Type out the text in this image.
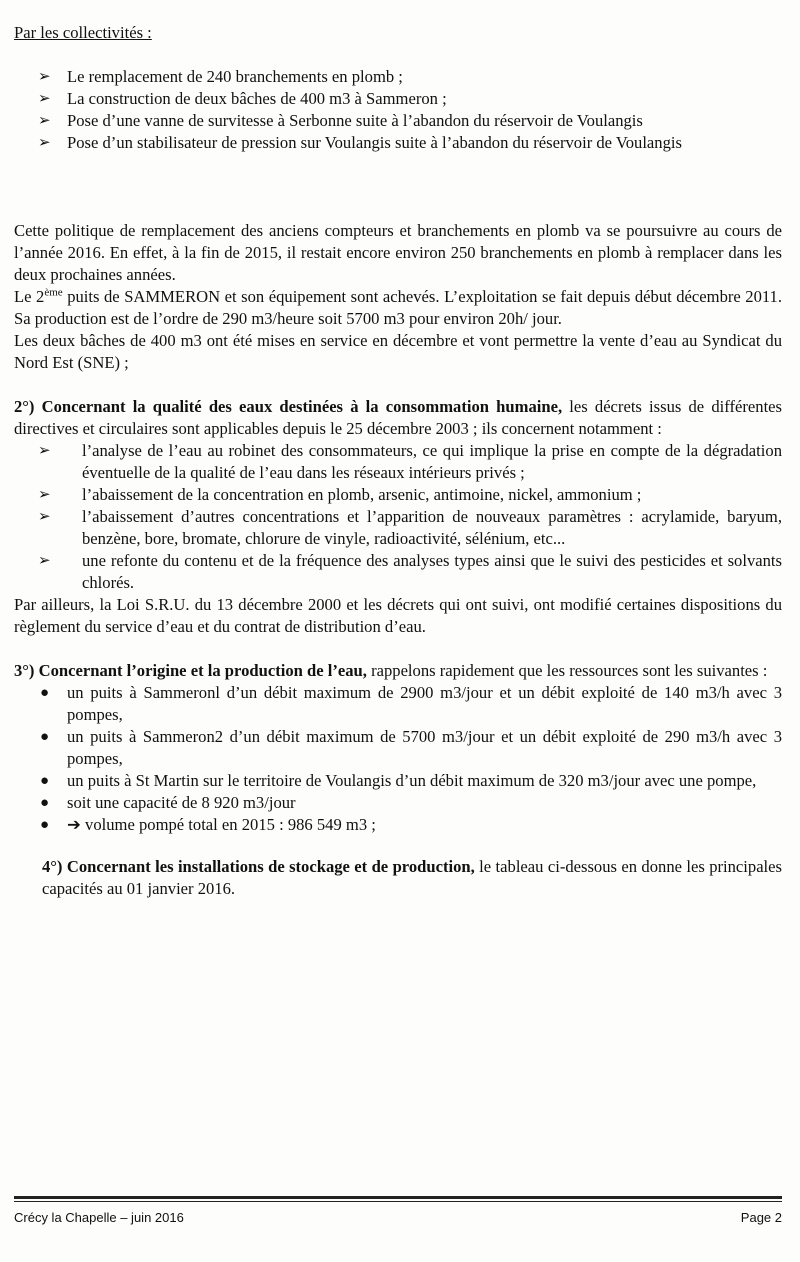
Par les collectivités :

➢ Le remplacement de 240 branchements en plomb ;
➢ La construction de deux bâches de 400 m3 à Sammeron ;
➢ Pose d’une vanne de survitesse à Serbonne suite à l’abandon du réservoir de Voulangis
➢ Pose d’un stabilisateur de pression sur Voulangis suite à l’abandon du réservoir de Voulangis

Cette politique de remplacement des anciens compteurs et branchements en plomb va se poursuivre au cours de l’année 2016. En effet, à la fin de 2015, il restait encore environ 250 branchements en plomb à remplacer dans les deux prochaines années.

Le 2ème puits de SAMMERON et son équipement sont achevés. L’exploitation se fait depuis début décembre 2011. Sa production est de l’ordre de 290 m3/heure soit 5700 m3 pour environ 20h/ jour.

Les deux bâches de 400 m3 ont été mises en service en décembre et vont permettre la vente d’eau au Syndicat du Nord Est (SNE) ;

2°) Concernant la qualité des eaux destinées à la consommation humaine, les décrets issus de différentes directives et circulaires sont applicables depuis le 25 décembre 2003 ; ils concernent notamment :

➢ l’analyse de l’eau au robinet des consommateurs, ce qui implique la prise en compte de la dégradation éventuelle de la qualité de l’eau dans les réseaux intérieurs privés ;
➢ l’abaissement de la concentration en plomb, arsenic, antimoine, nickel, ammonium ;
➢ l’abaissement d’autres concentrations et l’apparition de nouveaux paramètres : acrylamide, baryum, benzène, bore, bromate, chlorure de vinyle, radioactivité, sélénium, etc...
➢ une refonte du contenu et de la fréquence des analyses types ainsi que le suivi des pesticides et solvants chlorés.

Par ailleurs, la Loi S.R.U. du 13 décembre 2000 et les décrets qui ont suivi, ont modifié certaines dispositions du règlement du service d’eau et du contrat de distribution d’eau.

3°) Concernant l’origine et la production de l’eau, rappelons rapidement que les ressources sont les suivantes :

● un puits à Sammeronl d’un débit maximum de 2900 m3/jour et un débit exploité de 140 m3/h avec 3 pompes,
● un puits à Sammeron2 d’un débit maximum de 5700 m3/jour et un débit exploité de 290 m3/h avec 3 pompes,
● un puits à St Martin sur le territoire de Voulangis d’un débit maximum de 320 m3/jour avec une pompe,
● soit une capacité de 8 920 m3/jour
● ➔ volume pompé total en 2015 : 986 549 m3 ;

4°) Concernant les installations de stockage et de production, le tableau ci-dessous en donne les principales capacités au 01 janvier 2016.

Crécy la Chapelle – juin 2016	Page 2
